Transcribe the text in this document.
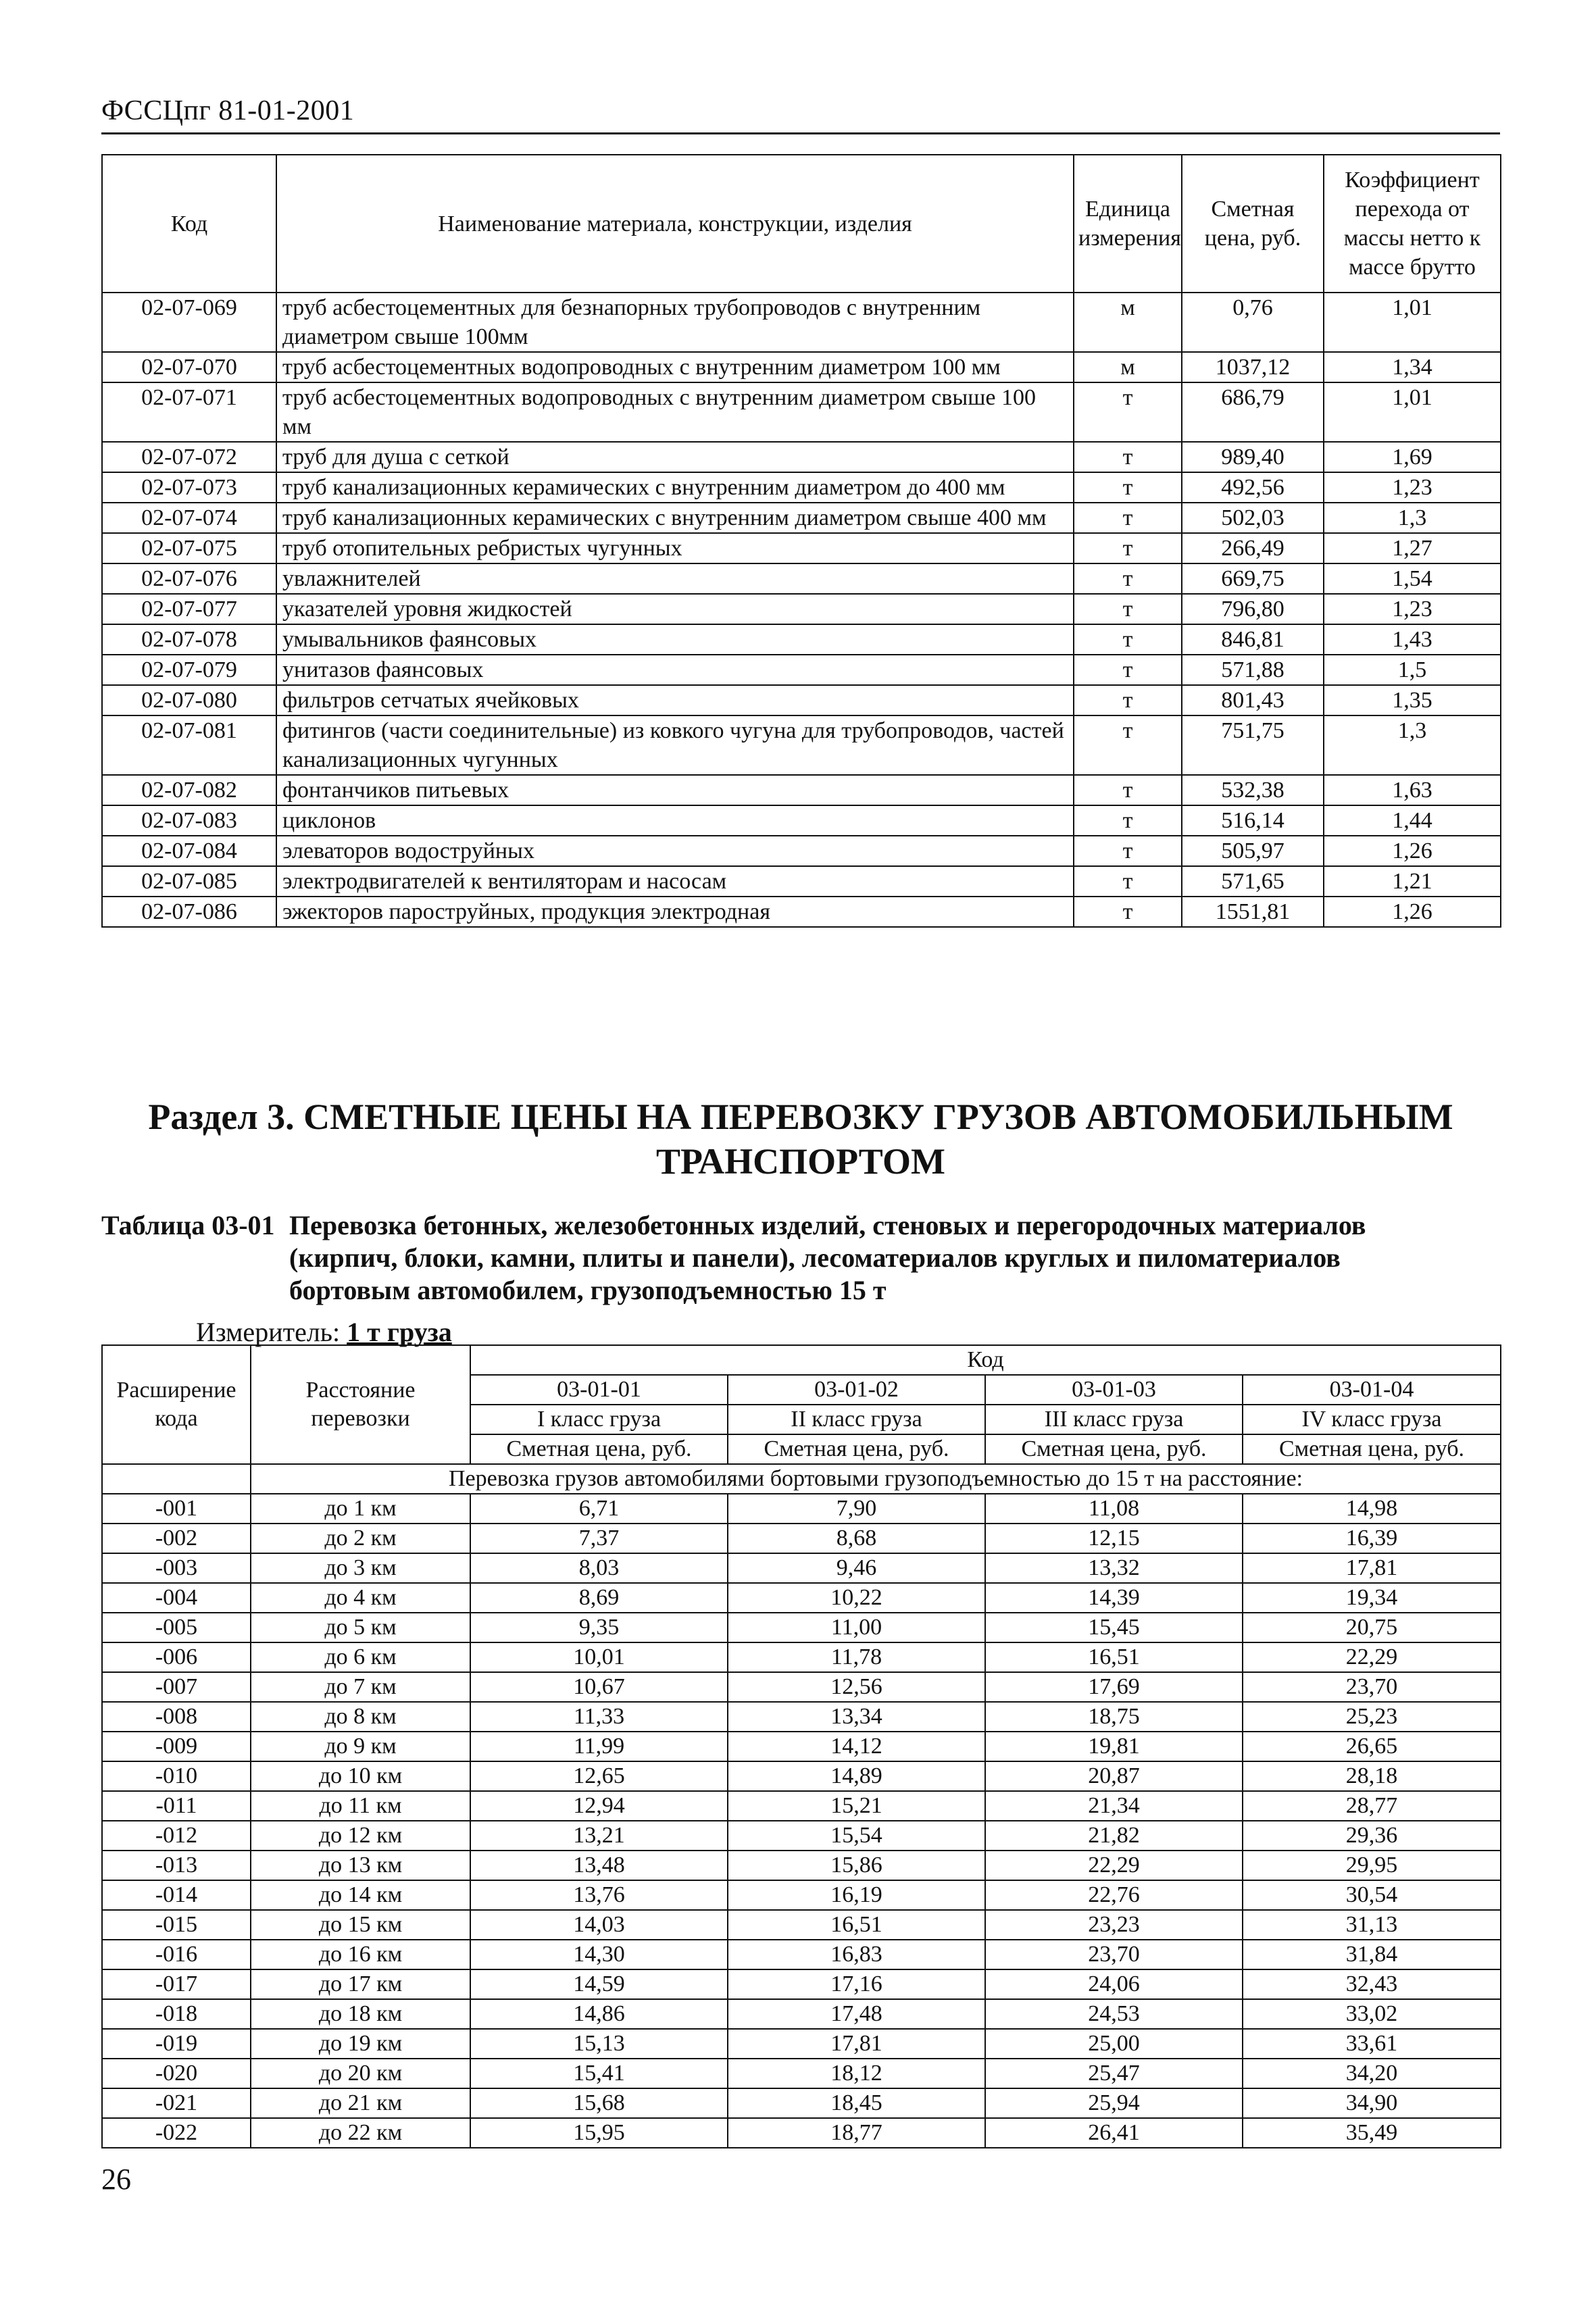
ФССЦпг 81-01-2001
Код	Наименование материала, конструкции, изделия	Единица измерения	Сметная цена, руб.	Коэффициент перехода от массы нетто к массе брутто
02-07-069	труб асбестоцементных для безнапорных трубопроводов с внутренним диаметром свыше 100мм	м	0,76	1,01
02-07-070	труб асбестоцементных водопроводных с внутренним диаметром 100 мм	м	1037,12	1,34
02-07-071	труб асбестоцементных водопроводных с внутренним диаметром свыше 100 мм	т	686,79	1,01
02-07-072	труб для душа с сеткой	т	989,40	1,69
02-07-073	труб канализационных керамических с внутренним диаметром до 400 мм	т	492,56	1,23
02-07-074	труб канализационных керамических с внутренним диаметром свыше 400 мм	т	502,03	1,3
02-07-075	труб отопительных ребристых чугунных	т	266,49	1,27
02-07-076	увлажнителей	т	669,75	1,54
02-07-077	указателей уровня жидкостей	т	796,80	1,23
02-07-078	умывальников фаянсовых	т	846,81	1,43
02-07-079	унитазов фаянсовых	т	571,88	1,5
02-07-080	фильтров сетчатых ячейковых	т	801,43	1,35
02-07-081	фитингов (части соединительные) из ковкого чугуна для трубопроводов, частей канализационных чугунных	т	751,75	1,3
02-07-082	фонтанчиков питьевых	т	532,38	1,63
02-07-083	циклонов	т	516,14	1,44
02-07-084	элеваторов водоструйных	т	505,97	1,26
02-07-085	электродвигателей к вентиляторам и насосам	т	571,65	1,21
02-07-086	эжекторов пароструйных, продукция электродная	т	1551,81	1,26
Раздел 3. СМЕТНЫЕ ЦЕНЫ НА ПЕРЕВОЗКУ ГРУЗОВ АВТОМОБИЛЬНЫМ ТРАНСПОРТОМ
Таблица 03-01 Перевозка бетонных, железобетонных изделий, стеновых и перегородочных материалов (кирпич, блоки, камни, плиты и панели), лесоматериалов круглых и пиломатериалов бортовым автомобилем, грузоподъемностью 15 т
Измеритель: 1 т груза
Расширение кода	Расстояние перевозки	Код			
		03-01-01	03-01-02	03-01-03	03-01-04
		I класс груза	II класс груза	III класс груза	IV класс груза
		Сметная цена, руб.	Сметная цена, руб.	Сметная цена, руб.	Сметная цена, руб.
	Перевозка грузов автомобилями бортовыми грузоподъемностью до 15 т на расстояние:				
-001	до 1 км	6,71	7,90	11,08	14,98
-002	до 2 км	7,37	8,68	12,15	16,39
-003	до 3 км	8,03	9,46	13,32	17,81
-004	до 4 км	8,69	10,22	14,39	19,34
-005	до 5 км	9,35	11,00	15,45	20,75
-006	до 6 км	10,01	11,78	16,51	22,29
-007	до 7 км	10,67	12,56	17,69	23,70
-008	до 8 км	11,33	13,34	18,75	25,23
-009	до 9 км	11,99	14,12	19,81	26,65
-010	до 10 км	12,65	14,89	20,87	28,18
-011	до 11 км	12,94	15,21	21,34	28,77
-012	до 12 км	13,21	15,54	21,82	29,36
-013	до 13 км	13,48	15,86	22,29	29,95
-014	до 14 км	13,76	16,19	22,76	30,54
-015	до 15 км	14,03	16,51	23,23	31,13
-016	до 16 км	14,30	16,83	23,70	31,84
-017	до 17 км	14,59	17,16	24,06	32,43
-018	до 18 км	14,86	17,48	24,53	33,02
-019	до 19 км	15,13	17,81	25,00	33,61
-020	до 20 км	15,41	18,12	25,47	34,20
-021	до 21 км	15,68	18,45	25,94	34,90
-022	до 22 км	15,95	18,77	26,41	35,49
26
